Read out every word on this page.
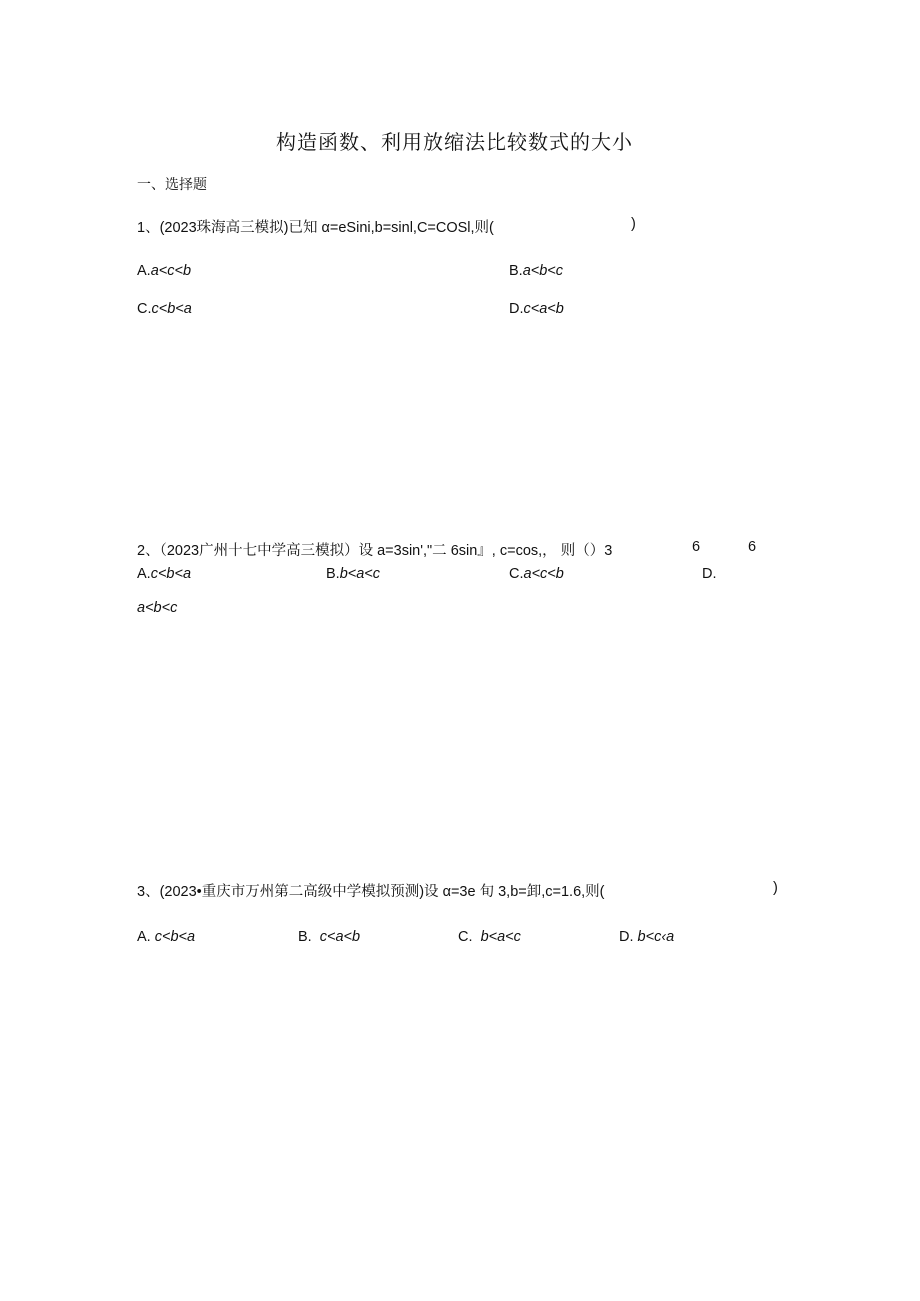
构造函数、利用放缩法比较数式的大小
一、选择题
1、(2023珠海高三模拟)已知 α=eSini,b=sinl,C=COSl,则(	)
A.a<c<b	B.a<b<c
C.c<b<a	D.c<a<b
2、（2023广州十七中学高三模拟）设 a=3sin',"二 6sin』, c=cos,， 则（）3	6	6
A.c<b<a	B.b<a<c	C.a<c<b	D.
a<b<c
3、(2023•重庆市万州第二高级中学模拟预测)设 α=3e 旬 3,b=卸,c=1.6,则(	)
A. c<b<a	B. c<a<b	C. b<a<c	D. b<c‹a
